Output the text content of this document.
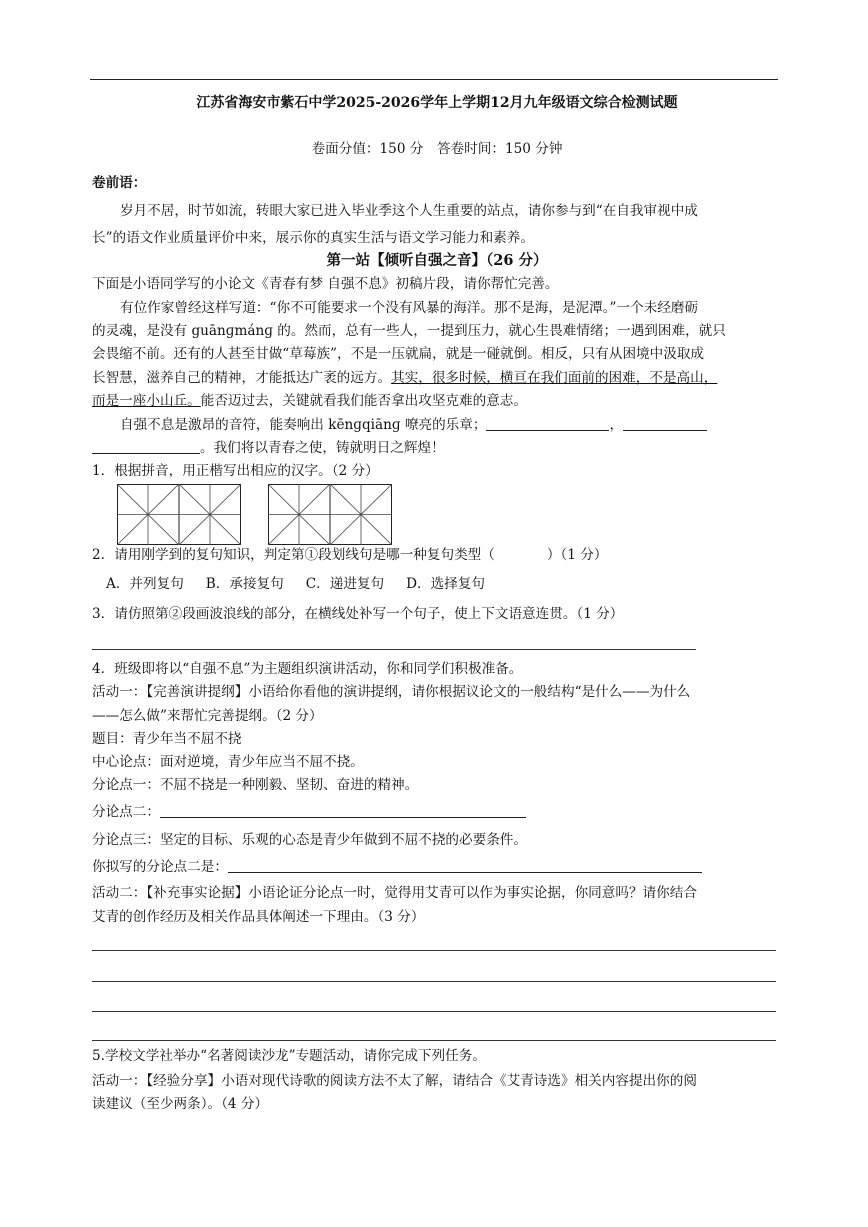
江苏省海安市紫石中学2025-2026学年上学期12月九年级语文综合检测试题
卷面分值：150 分　答卷时间：150 分钟
卷前语：
岁月不居，时节如流，转眼大家已进入毕业季这个人生重要的站点，请你参与到“在自我审视中成
长”的语文作业质量评价中来，展示你的真实生活与语文学习能力和素养。
第一站【倾听自强之音】（26 分）
下面是小语同学写的小论文《青春有梦 自强不息》初稿片段，请你帮忙完善。
有位作家曾经这样写道：“你不可能要求一个没有风暴的海洋。那不是海，是泥潭。”一个未经磨砺
的灵魂，是没有 guānɡmánɡ 的。然而，总有一些人，一提到压力，就心生畏难情绪；一遇到困难，就只
会畏缩不前。还有的人甚至甘做“草莓族”，不是一压就扁，就是一碰就倒。相反，只有从困境中汲取成
长智慧，滋养自己的精神，才能抵达广袤的远方。其实，很多时候，横亘在我们面前的困难，不是高山，
而是一座小山丘。能否迈过去，关键就看我们能否拿出攻坚克难的意志。
自强不息是激昂的音符，能奏响出 kēnɡqiānɡ 嘹亮的乐章；	，
。我们将以青春之使，铸就明日之辉煌！
1．根据拼音，用正楷写出相应的汉字。（2 分）
2．请用刚学到的复句知识，判定第①段划线句是哪一种复句类型（	）（1 分）
A．并列复句 B．承接复句 C．递进复句 D．选择复句
3．请仿照第②段画波浪线的部分，在横线处补写一个句子，使上下文语意连贯。（1 分）
4．班级即将以“自强不息”为主题组织演讲活动，你和同学们积极准备。
活动一：【完善演讲提纲】小语给你看他的演讲提纲，请你根据议论文的一般结构“是什么——为什么
——怎么做”来帮忙完善提纲。（2 分）
题目：青少年当不屈不挠
中心论点：面对逆境，青少年应当不屈不挠。
分论点一：不屈不挠是一种刚毅、坚韧、奋进的精神。
分论点二：
分论点三：坚定的目标、乐观的心态是青少年做到不屈不挠的必要条件。
你拟写的分论点二是：
活动二：【补充事实论据】小语论证分论点一时，觉得用艾青可以作为事实论据，你同意吗？请你结合
艾青的创作经历及相关作品具体阐述一下理由。（3 分）
5.学校文学社举办“名著阅读沙龙”专题活动，请你完成下列任务。
活动一：【经验分享】小语对现代诗歌的阅读方法不太了解，请结合《艾青诗选》相关内容提出你的阅
读建议（至少两条）。（4 分）
